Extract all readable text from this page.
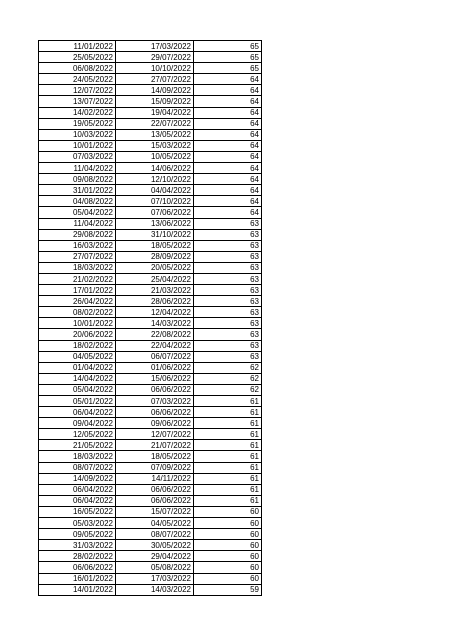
11/01/2022	17/03/2022	65
25/05/2022	29/07/2022	65
06/08/2022	10/10/2022	65
24/05/2022	27/07/2022	64
12/07/2022	14/09/2022	64
13/07/2022	15/09/2022	64
14/02/2022	19/04/2022	64
19/05/2022	22/07/2022	64
10/03/2022	13/05/2022	64
10/01/2022	15/03/2022	64
07/03/2022	10/05/2022	64
11/04/2022	14/06/2022	64
09/08/2022	12/10/2022	64
31/01/2022	04/04/2022	64
04/08/2022	07/10/2022	64
05/04/2022	07/06/2022	64
11/04/2022	13/06/2022	63
29/08/2022	31/10/2022	63
16/03/2022	18/05/2022	63
27/07/2022	28/09/2022	63
18/03/2022	20/05/2022	63
21/02/2022	25/04/2022	63
17/01/2022	21/03/2022	63
26/04/2022	28/06/2022	63
08/02/2022	12/04/2022	63
10/01/2022	14/03/2022	63
20/06/2022	22/08/2022	63
18/02/2022	22/04/2022	63
04/05/2022	06/07/2022	63
01/04/2022	01/06/2022	62
14/04/2022	15/06/2022	62
05/04/2022	06/06/2022	62
05/01/2022	07/03/2022	61
06/04/2022	06/06/2022	61
09/04/2022	09/06/2022	61
12/05/2022	12/07/2022	61
21/05/2022	21/07/2022	61
18/03/2022	18/05/2022	61
08/07/2022	07/09/2022	61
14/09/2022	14/11/2022	61
06/04/2022	06/06/2022	61
06/04/2022	06/06/2022	61
16/05/2022	15/07/2022	60
05/03/2022	04/05/2022	60
09/05/2022	08/07/2022	60
31/03/2022	30/05/2022	60
28/02/2022	29/04/2022	60
06/06/2022	05/08/2022	60
16/01/2022	17/03/2022	60
14/01/2022	14/03/2022	59
